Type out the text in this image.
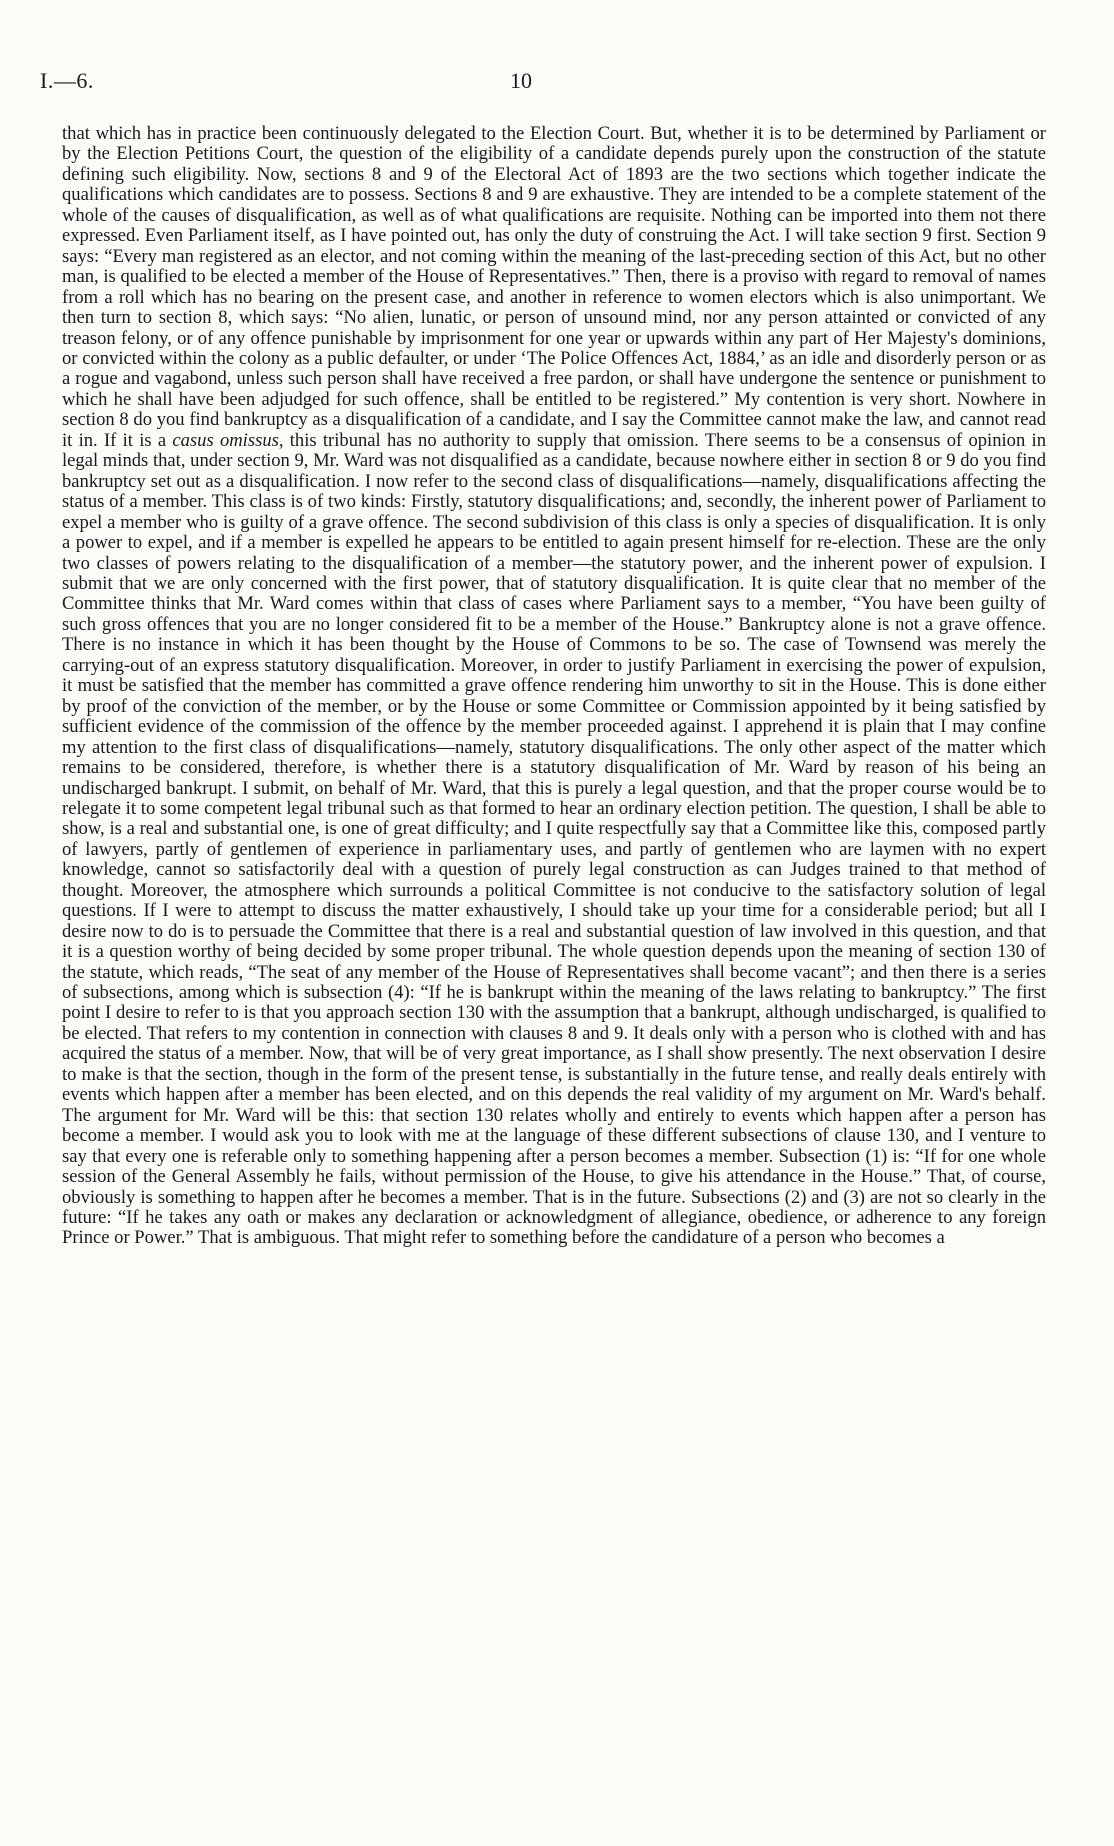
I.—6.	10

that which has in practice been continuously delegated to the Election Court. But, whether it is to be determined by Parliament or by the Election Petitions Court, the question of the eligibility of a candidate depends purely upon the construction of the statute defining such eligibility. Now, sections 8 and 9 of the Electoral Act of 1893 are the two sections which together indicate the qualifications which candidates are to possess. Sections 8 and 9 are exhaustive. They are intended to be a complete statement of the whole of the causes of disqualification, as well as of what qualifications are requisite. Nothing can be imported into them not there expressed. Even Parliament itself, as I have pointed out, has only the duty of construing the Act. I will take section 9 first. Section 9 says: “Every man registered as an elector, and not coming within the meaning of the last-preceding section of this Act, but no other man, is qualified to be elected a member of the House of Representatives.” Then, there is a proviso with regard to removal of names from a roll which has no bearing on the present case, and another in reference to women electors which is also unimportant. We then turn to section 8, which says: “No alien, lunatic, or person of unsound mind, nor any person attainted or convicted of any treason felony, or of any offence punishable by imprisonment for one year or upwards within any part of Her Majesty's dominions, or convicted within the colony as a public defaulter, or under ‘The Police Offences Act, 1884,’ as an idle and disorderly person or as a rogue and vagabond, unless such person shall have received a free pardon, or shall have undergone the sentence or punishment to which he shall have been adjudged for such offence, shall be entitled to be registered.” My contention is very short. Nowhere in section 8 do you find bankruptcy as a disqualification of a candidate, and I say the Committee cannot make the law, and cannot read it in. If it is a casus omissus, this tribunal has no authority to supply that omission. There seems to be a consensus of opinion in legal minds that, under section 9, Mr. Ward was not disqualified as a candidate, because nowhere either in section 8 or 9 do you find bankruptcy set out as a disqualification. I now refer to the second class of disqualifications—namely, disqualifications affecting the status of a member. This class is of two kinds: Firstly, statutory disqualifications; and, secondly, the inherent power of Parliament to expel a member who is guilty of a grave offence. The second subdivision of this class is only a species of disqualification. It is only a power to expel, and if a member is expelled he appears to be entitled to again present himself for re-election. These are the only two classes of powers relating to the disqualification of a member—the statutory power, and the inherent power of expulsion. I submit that we are only concerned with the first power, that of statutory disqualification. It is quite clear that no member of the Committee thinks that Mr. Ward comes within that class of cases where Parliament says to a member, “You have been guilty of such gross offences that you are no longer considered fit to be a member of the House.” Bankruptcy alone is not a grave offence. There is no instance in which it has been thought by the House of Commons to be so. The case of Townsend was merely the carrying-out of an express statutory disqualification. Moreover, in order to justify Parliament in exercising the power of expulsion, it must be satisfied that the member has committed a grave offence rendering him unworthy to sit in the House. This is done either by proof of the conviction of the member, or by the House or some Committee or Commission appointed by it being satisfied by sufficient evidence of the commission of the offence by the member proceeded against. I apprehend it is plain that I may confine my attention to the first class of disqualifications—namely, statutory disqualifications. The only other aspect of the matter which remains to be considered, therefore, is whether there is a statutory disqualification of Mr. Ward by reason of his being an undischarged bankrupt. I submit, on behalf of Mr. Ward, that this is purely a legal question, and that the proper course would be to relegate it to some competent legal tribunal such as that formed to hear an ordinary election petition. The question, I shall be able to show, is a real and substantial one, is one of great difficulty; and I quite respectfully say that a Committee like this, composed partly of lawyers, partly of gentlemen of experience in parliamentary uses, and partly of gentlemen who are laymen with no expert knowledge, cannot so satisfactorily deal with a question of purely legal construction as can Judges trained to that method of thought. Moreover, the atmosphere which surrounds a political Committee is not conducive to the satisfactory solution of legal questions. If I were to attempt to discuss the matter exhaustively, I should take up your time for a considerable period; but all I desire now to do is to persuade the Committee that there is a real and substantial question of law involved in this question, and that it is a question worthy of being decided by some proper tribunal. The whole question depends upon the meaning of section 130 of the statute, which reads, “The seat of any member of the House of Representatives shall become vacant”; and then there is a series of subsections, among which is subsection (4): “If he is bankrupt within the meaning of the laws relating to bankruptcy.” The first point I desire to refer to is that you approach section 130 with the assumption that a bankrupt, although undischarged, is qualified to be elected. That refers to my contention in connection with clauses 8 and 9. It deals only with a person who is clothed with and has acquired the status of a member. Now, that will be of very great importance, as I shall show presently. The next observation I desire to make is that the section, though in the form of the present tense, is substantially in the future tense, and really deals entirely with events which happen after a member has been elected, and on this depends the real validity of my argument on Mr. Ward's behalf. The argument for Mr. Ward will be this: that section 130 relates wholly and entirely to events which happen after a person has become a member. I would ask you to look with me at the language of these different subsections of clause 130, and I venture to say that every one is referable only to something happening after a person becomes a member. Subsection (1) is: “If for one whole session of the General Assembly he fails, without permission of the House, to give his attendance in the House.” That, of course, obviously is something to happen after he becomes a member. That is in the future. Subsections (2) and (3) are not so clearly in the future: “If he takes any oath or makes any declaration or acknowledgment of allegiance, obedience, or adherence to any foreign Prince or Power.” That is ambiguous. That might refer to something before the candidature of a person who becomes a
